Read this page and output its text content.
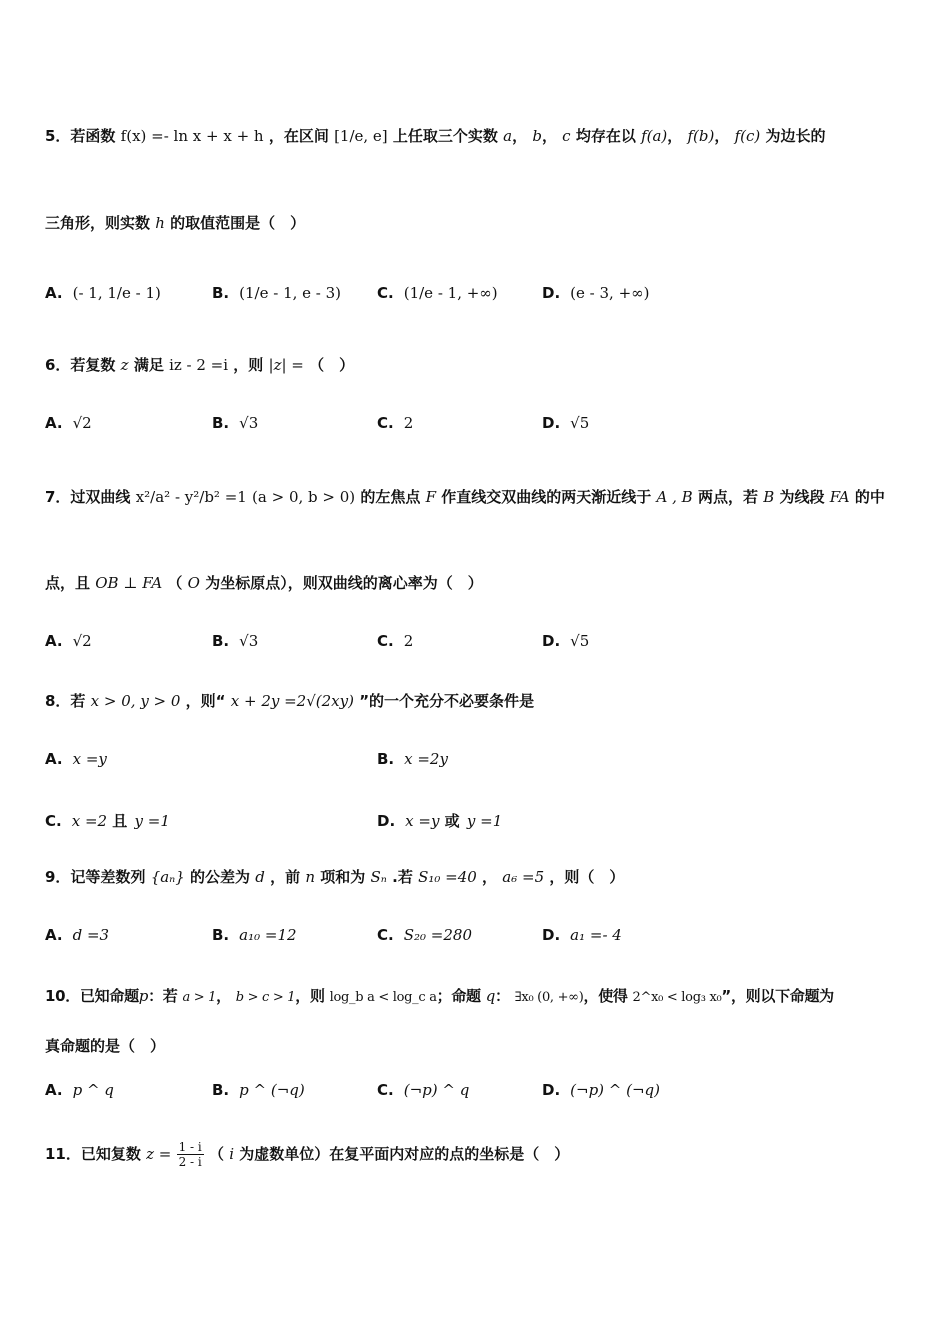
5．若函数 f(x) =- ln x + x + h ，在区间 [1/e, e] 上任取三个实数 a， b， c 均存在以 f(a)， f(b)， f(c) 为边长的
三角形，则实数 h 的取值范围是（　）
A. (- 1, 1/e - 1)	B. (1/e - 1, e - 3) C. (1/e - 1, +∞)	D. (e - 3, +∞)
6．若复数 z 满足 iz - 2 =i ，则 |z| = （　）
A. √2	B. √3	C. 2	D. √5
7．过双曲线 x²/a² - y²/b² =1 (a > 0, b > 0) 的左焦点 F 作直线交双曲线的两天渐近线于 A , B 两点，若 B 为线段 FA 的中
点，且 OB ⊥ FA （ O 为坐标原点），则双曲线的离心率为（　）
A. √2	B. √3	C. 2	D. √5
8．若 x > 0, y > 0 ，则“ x + 2y =2√(2xy) ”的一个充分不必要条件是
A. x =y	B. x =2y
C. x =2 且 y =1	D. x =y 或 y =1
9．记等差数列 {aₙ} 的公差为 d ，前 n 项和为 Sₙ .若 S₁₀ =40 ， a₆ =5 ，则（　）
A. d =3	B. a₁₀ =12	C. S₂₀ =280	D. a₁ =- 4
10．已知命题p：若 a > 1， b > c > 1，则 log_b a < log_c a；命题 q： ∃x₀ (0, +∞)，使得 2^x₀ < log₃ x₀”，则以下命题为
真命题的是（　）
A. p ^ q	B. p ^ (¬q)	C. (¬p) ^ q	D. (¬p) ^ (¬q)
11．已知复数 $z = \frac{1 - i}{2 - i}$ （ i 为虚数单位）在复平面内对应的点的坐标是（　）
